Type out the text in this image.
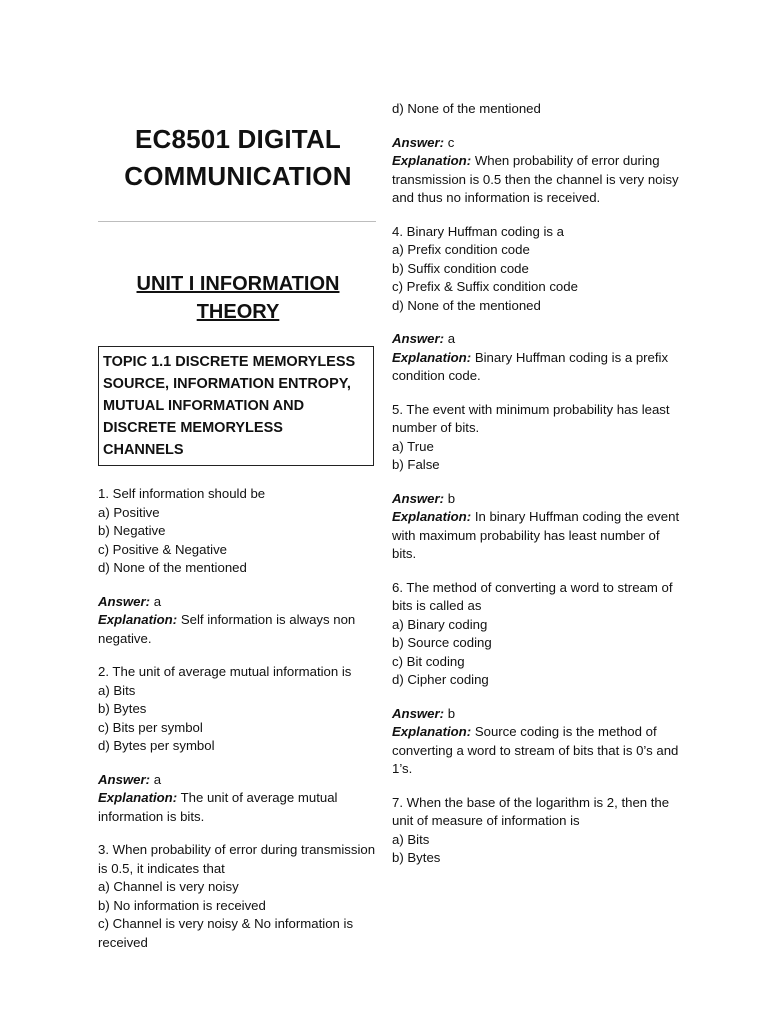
EC8501 DIGITAL
COMMUNICATION
UNIT I INFORMATION
THEORY
TOPIC 1.1 DISCRETE MEMORYLESS SOURCE, INFORMATION ENTROPY, MUTUAL INFORMATION AND DISCRETE MEMORYLESS CHANNELS

1. Self information should be

a) Positive

b) Negative

c) Positive & Negative

d) None of the mentioned

Answer: a

Explanation: Self information is always non negative.

2. The unit of average mutual information is

a) Bits

b) Bytes

c) Bits per symbol

d) Bytes per symbol

Answer: a

Explanation: The unit of average mutual information is bits.

3. When probability of error during transmission is 0.5, it indicates that

a) Channel is very noisy

b) No information is received

c) Channel is very noisy & No information is received

d) None of the mentioned

Answer: c

Explanation: When probability of error during transmission is 0.5 then the channel is very noisy and thus no information is received.

4. Binary Huffman coding is a

a) Prefix condition code

b) Suffix condition code

c) Prefix & Suffix condition code

d) None of the mentioned

Answer: a

Explanation: Binary Huffman coding is a prefix condition code.

5. The event with minimum probability has least number of bits.

a) True

b) False

Answer: b

Explanation: In binary Huffman coding the event with maximum probability has least number of bits.

6. The method of converting a word to stream of bits is called as

a) Binary coding

b) Source coding

c) Bit coding

d) Cipher coding

Answer: b

Explanation: Source coding is the method of converting a word to stream of bits that is 0’s and 1’s.

7. When the base of the logarithm is 2, then the unit of measure of information is

a) Bits

b) Bytes
